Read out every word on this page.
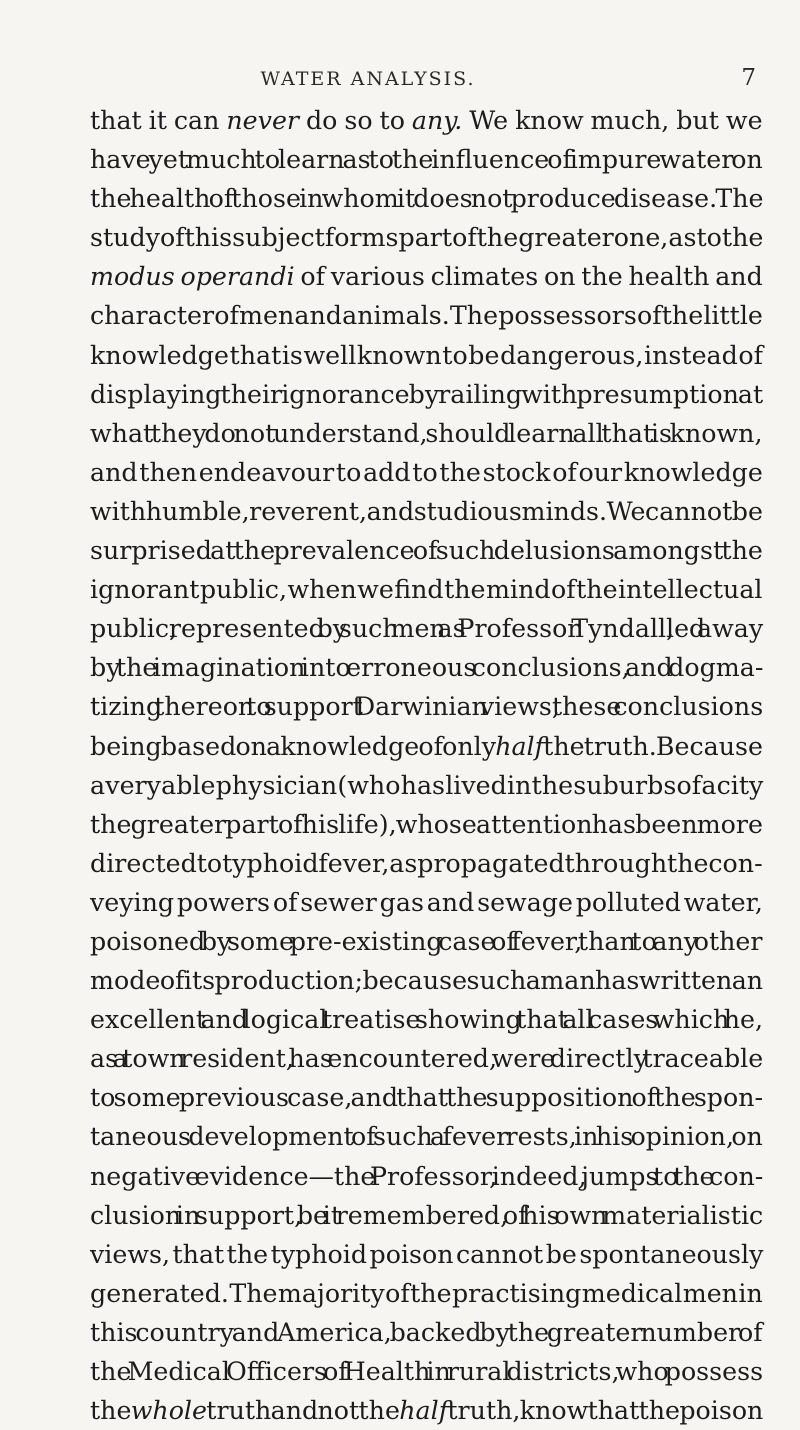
WATER ANALYSIS.	7
that it can never do so to any. We know much, but we
have yet much to learn as to the influence of impure water on
the health of those in whom it does not produce disease. The
study of this subject forms part of the greater one, as to the
modus operandi of various climates on the health and
character of men and animals. The possessors of the little
knowledge that is well known to be dangerous, instead of
displaying their ignorance by railing with presumption at
what they do not understand, should learn all that is known,
and then endeavour to add to the stock of our knowledge
with humble, reverent, and studious minds. We cannot be
surprised at the prevalence of such delusions amongst the
ignorant public, when we find the mind of the intellectual
public, represented by such men as Professor Tyndall, led away
by the imagination into erroneous conclusions, and dogma-
tizing thereon to support Darwinian views, these conclusions
being based on a knowledge of only half the truth. Because
a very able physician (who has lived in the suburbs of a city
the greater part of his life), whose attention has been more
directed to typhoid fever, as propagated through the con-
veying powers of sewer gas and sewage polluted water,
poisoned by some pre-existing case of fever, than to any other
mode of its production; because such a man has written an
excellent and logical treatise showing that all cases which he,
as a town resident, has encountered, were directly traceable
to some previous case, and that the supposition of the spon-
taneous development of such a fever rests, in his opinion, on
negative evidence—the Professor, indeed, jumps to the con-
clusion in support, be it remembered, of his own materialistic
views, that the typhoid poison cannot be spontaneously
generated. The majority of the practising medical men in
this country and America, backed by the greater number of
the Medical Officers of Health in rural districts, who possess
the whole truth and not the half truth, know that the poison
